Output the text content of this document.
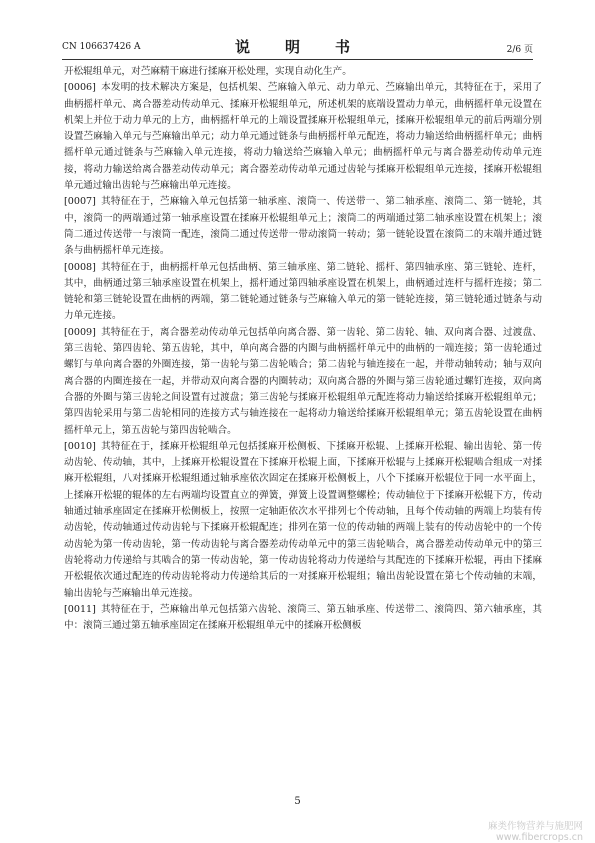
CN 106637426 A	说　明　书	2/6 页

开松辊组单元，对苎麻精干麻进行揉麻开松处理，实现自动化生产。

[0006] 本发明的技术解决方案是，包括机架、苎麻输入单元、动力单元、苎麻输出单元，其特征在于，采用了曲柄摇杆单元、离合器差动传动单元、揉麻开松辊组单元，所述机架的底端设置动力单元，曲柄摇杆单元设置在机架上并位于动力单元的上方，曲柄摇杆单元的上端设置揉麻开松辊组单元，揉麻开松辊组单元的前后两端分别设置苎麻输入单元与苎麻输出单元；动力单元通过链条与曲柄摇杆单元配连，将动力输送给曲柄摇杆单元；曲柄摇杆单元通过链条与苎麻输入单元连接，将动力输送给苎麻输入单元；曲柄摇杆单元与离合器差动传动单元连接，将动力输送给离合器差动传动单元；离合器差动传动单元通过齿轮与揉麻开松辊组单元连接，揉麻开松辊组单元通过输出齿轮与苎麻输出单元连接。

[0007] 其特征在于，苎麻输入单元包括第一轴承座、滚筒一、传送带一、第二轴承座、滚筒二、第一链轮，其中，滚筒一的两端通过第一轴承座设置在揉麻开松辊组单元上；滚筒二的两端通过第二轴承座设置在机架上；滚筒二通过传送带一与滚筒一配连，滚筒二通过传送带一带动滚筒一转动；第一链轮设置在滚筒二的末端并通过链条与曲柄摇杆单元连接。

[0008] 其特征在于，曲柄摇杆单元包括曲柄、第三轴承座、第二链轮、摇杆、第四轴承座、第三链轮、连杆，其中，曲柄通过第三轴承座设置在机架上，摇杆通过第四轴承座设置在机架上，曲柄通过连杆与摇杆连接；第二链轮和第三链轮设置在曲柄的两端，第二链轮通过链条与苎麻输入单元的第一链轮连接，第三链轮通过链条与动力单元连接。

[0009] 其特征在于，离合器差动传动单元包括单向离合器、第一齿轮、第二齿轮、轴、双向离合器、过渡盘、第三齿轮、第四齿轮、第五齿轮，其中，单向离合器的内圈与曲柄摇杆单元中的曲柄的一端连接；第一齿轮通过螺钉与单向离合器的外圈连接，第一齿轮与第二齿轮啮合；第二齿轮与轴连接在一起，并带动轴转动；轴与双向离合器的内圈连接在一起，并带动双向离合器的内圈转动；双向离合器的外圈与第三齿轮通过螺钉连接，双向离合器的外圈与第三齿轮之间设置有过渡盘；第三齿轮与揉麻开松辊组单元配连将动力输送给揉麻开松辊组单元；第四齿轮采用与第二齿轮相同的连接方式与轴连接在一起将动力输送给揉麻开松辊组单元；第五齿轮设置在曲柄摇杆单元上，第五齿轮与第四齿轮啮合。

[0010] 其特征在于，揉麻开松辊组单元包括揉麻开松侧板、下揉麻开松辊、上揉麻开松辊、输出齿轮、第一传动齿轮、传动轴，其中，上揉麻开松辊设置在下揉麻开松辊上面，下揉麻开松辊与上揉麻开松辊啮合组成一对揉麻开松辊组，八对揉麻开松辊组通过轴承座依次固定在揉麻开松侧板上，八个下揉麻开松辊位于同一水平面上，上揉麻开松辊的辊体的左右两端均设置直立的弹簧，弹簧上设置调整螺栓；传动轴位于下揉麻开松辊下方，传动轴通过轴承座固定在揉麻开松侧板上，按照一定轴距依次水平排列七个传动轴，且每个传动轴的两端上均装有传动齿轮，传动轴通过传动齿轮与下揉麻开松辊配连；排列在第一位的传动轴的两端上装有的传动齿轮中的一个传动齿轮为第一传动齿轮，第一传动齿轮与离合器差动传动单元中的第三齿轮啮合，离合器差动传动单元中的第三齿轮将动力传递给与其啮合的第一传动齿轮，第一传动齿轮将动力传递给与其配连的下揉麻开松辊，再由下揉麻开松辊依次通过配连的传动齿轮将动力传递给其后的一对揉麻开松辊组；输出齿轮设置在第七个传动轴的末端，输出齿轮与苎麻输出单元连接。

[0011] 其特征在于，苎麻输出单元包括第六齿轮、滚筒三、第五轴承座、传送带二、滚筒四、第六轴承座，其中：滚筒三通过第五轴承座固定在揉麻开松辊组单元中的揉麻开松侧板

5
麻类作物营养与施肥网
www.fibercrops.cn
